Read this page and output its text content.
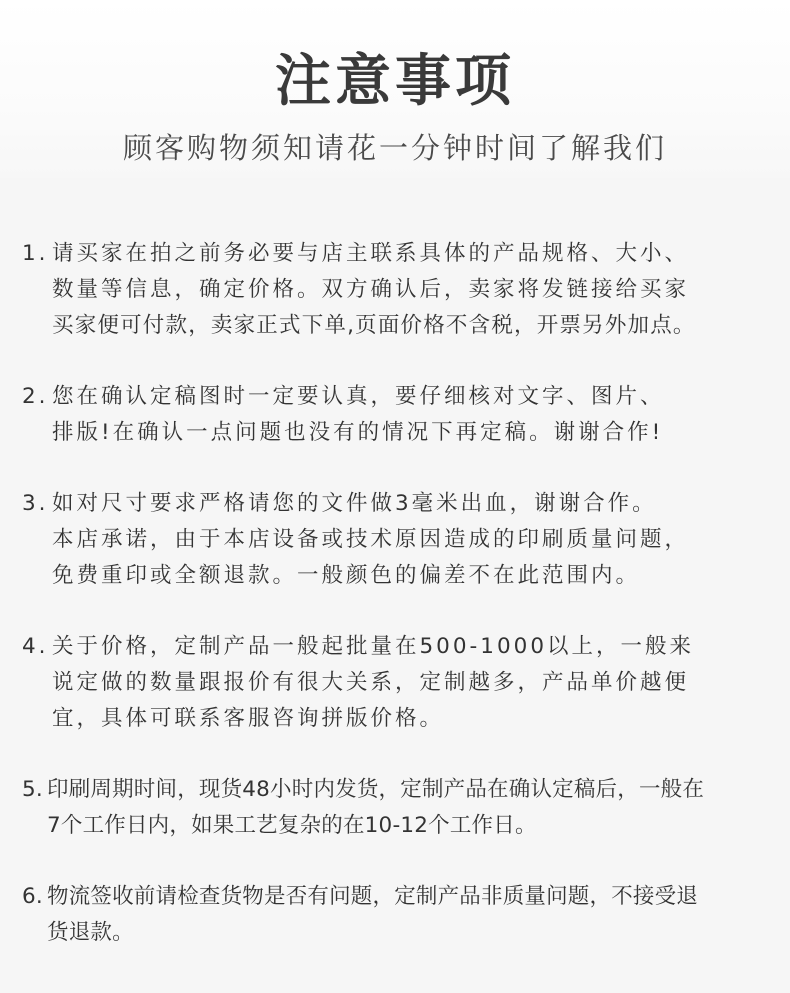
注意事项
顾客购物须知请花一分钟时间了解我们
1. 请买家在拍之前务必要与店主联系具体的产品规格、大小、
数量等信息，确定价格。双方确认后，卖家将发链接给买家
买家便可付款，卖家正式下单,页面价格不含税，开票另外加点。
2. 您在确认定稿图时一定要认真，要仔细核对文字、图片、
排版!在确认一点问题也没有的情况下再定稿。谢谢合作!
3. 如对尺寸要求严格请您的文件做3毫米出血，谢谢合作。
本店承诺，由于本店设备或技术原因造成的印刷质量问题，
免费重印或全额退款。一般颜色的偏差不在此范围内。
4. 关于价格，定制产品一般起批量在500-1000以上，一般来
说定做的数量跟报价有很大关系，定制越多，产品单价越便
宜，具体可联系客服咨询拼版价格。
5. 印刷周期时间，现货48小时内发货，定制产品在确认定稿后，一般在
7个工作日内，如果工艺复杂的在10-12个工作日。
6. 物流签收前请检查货物是否有问题，定制产品非质量问题，不接受退
货退款。
